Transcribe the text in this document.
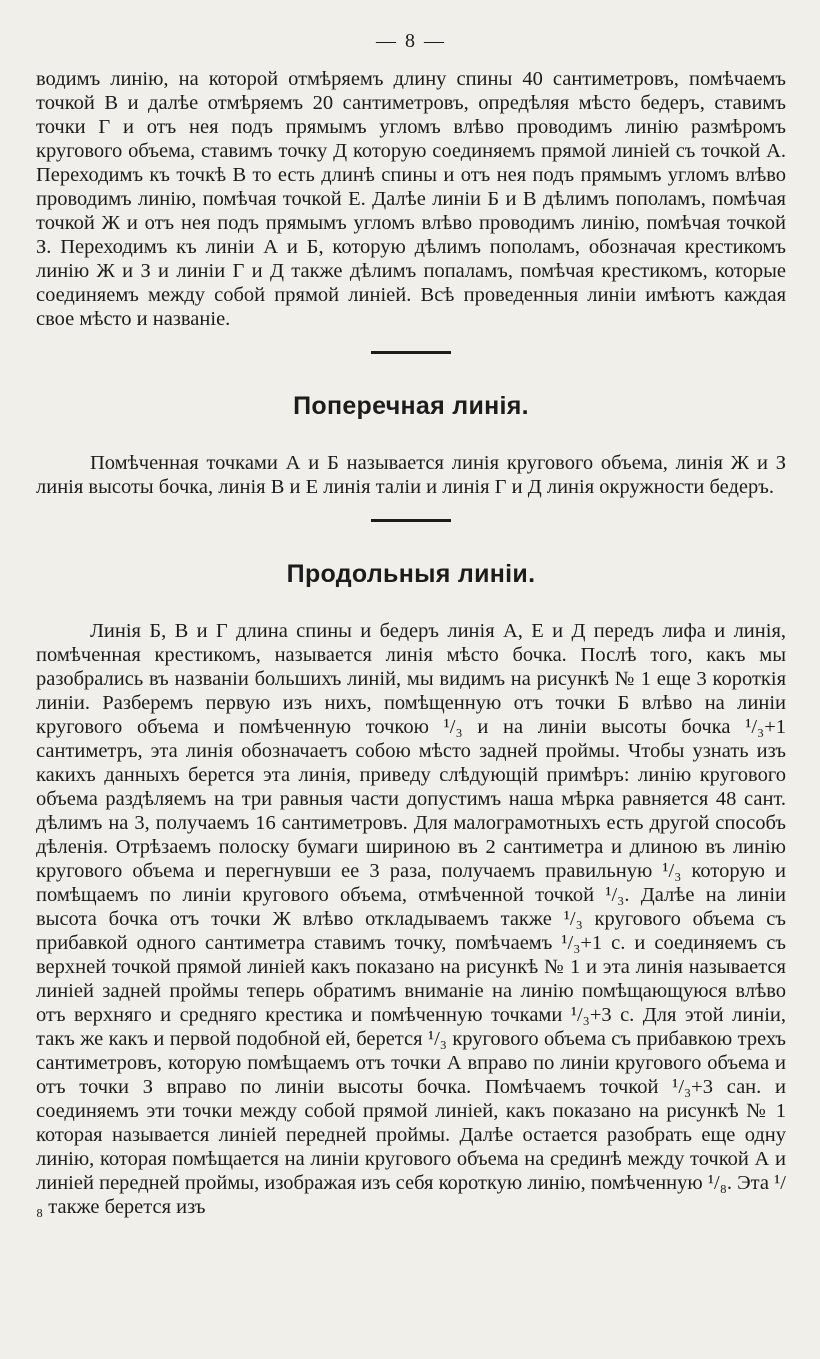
— 8 —

водимъ линію, на которой отмѣряемъ длину спины 40 сантиметровъ, помѣчаемъ точкой В и далѣе отмѣряемъ 20 сантиметровъ, опредѣляя мѣсто бедеръ, ставимъ точки Г и отъ нея подъ прямымъ угломъ влѣво проводимъ линію размѣромъ кругового объема, ставимъ точку Д которую соединяемъ прямой линіей съ точкой А. Переходимъ къ точкѣ В то есть длинѣ спины и отъ нея подъ прямымъ угломъ влѣво проводимъ линію, помѣчая точкой Е. Далѣе линіи Б и В дѣлимъ пополамъ, помѣчая точкой Ж и отъ нея подъ прямымъ угломъ влѣво проводимъ линію, помѣчая точкой З. Переходимъ къ линіи А и Б, которую дѣлимъ пополамъ, обозначая крестикомъ линію Ж и З и линіи Г и Д также дѣлимъ попаламъ, помѣчая крестикомъ, которые соединяемъ между собой прямой линіей. Всѣ проведенныя линіи имѣютъ каждая свое мѣсто и названіе.

Поперечная линія.

Помѣченная точками А и Б называется линія кругового объема, линія Ж и З линія высоты бочка, линія В и Е линія таліи и линія Г и Д линія окружности бедеръ.

Продольныя линіи.

Линія Б, В и Г длина спины и бедеръ линія А, Е и Д передъ лифа и линія, помѣченная крестикомъ, называется линія мѣсто бочка. Послѣ того, какъ мы разобрались въ названіи большихъ линій, мы видимъ на рисункѣ № 1 еще 3 короткія линіи. Разберемъ первую изъ нихъ, помѣщенную отъ точки Б влѣво на линіи кругового объема и помѣченную точкою ¹/₃ и на линіи высоты бочка ¹/₃+1 сантиметръ, эта линія обозначаетъ собою мѣсто задней проймы. Чтобы узнать изъ какихъ данныхъ берется эта линія, приведу слѣдующій примѣръ: линію кругового объема раздѣляемъ на три равныя части допустимъ наша мѣрка равняется 48 сант. дѣлимъ на 3, получаемъ 16 сантиметровъ. Для малограмотныхъ есть другой способъ дѣленія. Отрѣзаемъ полоску бумаги шириною въ 2 сантиметра и длиною въ линію кругового объема и перегнувши ее 3 раза, получаемъ правильную ¹/₃ которую и помѣщаемъ по линіи кругового объема, отмѣченной точкой ¹/₃. Далѣе на линіи высота бочка отъ точки Ж влѣво откладываемъ также ¹/₃ кругового объема съ прибавкой одного сантиметра ставимъ точку, помѣчаемъ ¹/₃+1 с. и соединяемъ съ верхней точкой прямой линіей какъ показано на рисункѣ № 1 и эта линія называется линіей задней проймы теперь обратимъ вниманіе на линію помѣщающуюся влѣво отъ верхняго и средняго крестика и помѣченную точками ¹/₃+3 с. Для этой линіи, такъ же какъ и первой подобной ей, берется ¹/₃ кругового объема съ прибавкою трехъ сантиметровъ, которую помѣщаемъ отъ точки А вправо по линіи кругового объема и отъ точки З вправо по линіи высоты бочка. Помѣчаемъ точкой ¹/₃+3 сан. и соединяемъ эти точки между собой прямой линіей, какъ показано на рисункѣ № 1 которая называется линіей передней проймы. Далѣе остается разобрать еще одну линію, которая помѣщается на линіи кругового объема на срединѣ между точкой А и линіей передней проймы, изображая изъ себя короткую линію, помѣченную ¹/₈. Эта ¹/₈ также берется изъ
